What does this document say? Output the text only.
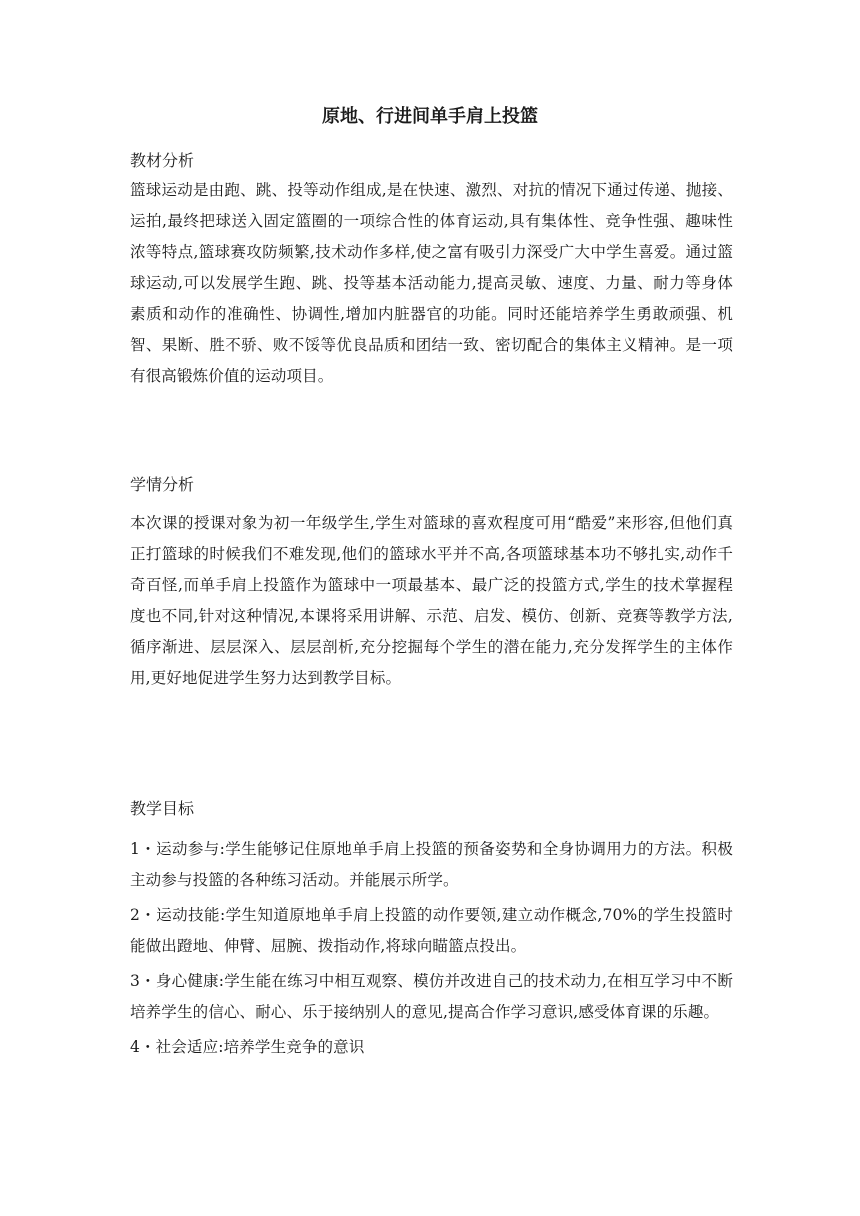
原地、行进间单手肩上投篮
教材分析

篮球运动是由跑、跳、投等动作组成,是在快速、激烈、对抗的情况下通过传递、抛接、运拍,最终把球送入固定篮圈的一项综合性的体育运动,具有集体性、竞争性强、趣味性浓等特点,篮球赛攻防频繁,技术动作多样,使之富有吸引力深受广大中学生喜爱。通过篮球运动,可以发展学生跑、跳、投等基本活动能力,提高灵敏、速度、力量、耐力等身体素质和动作的准确性、协调性,增加内脏器官的功能。同时还能培养学生勇敢顽强、机智、果断、胜不骄、败不馁等优良品质和团结一致、密切配合的集体主义精神。是一项有很高锻炼价值的运动项目。

学情分析

本次课的授课对象为初一年级学生,学生对篮球的喜欢程度可用“酷爱”来形容,但他们真正打篮球的时候我们不难发现,他们的篮球水平并不高,各项篮球基本功不够扎实,动作千奇百怪,而单手肩上投篮作为篮球中一项最基本、最广泛的投篮方式,学生的技术掌握程度也不同,针对这种情况,本课将采用讲解、示范、启发、模仿、创新、竞赛等教学方法,循序渐进、层层深入、层层剖析,充分挖掘每个学生的潜在能力,充分发挥学生的主体作用,更好地促进学生努力达到教学目标。

教学目标

1・运动参与:学生能够记住原地单手肩上投篮的预备姿势和全身协调用力的方法。积极主动参与投篮的各种练习活动。并能展示所学。

2・运动技能:学生知道原地单手肩上投篮的动作要领,建立动作概念,70%的学生投篮时能做出蹬地、伸臂、屈腕、拨指动作,将球向瞄篮点投出。

3・身心健康:学生能在练习中相互观察、模仿并改进自己的技术动力,在相互学习中不断培养学生的信心、耐心、乐于接纳别人的意见,提高合作学习意识,感受体育课的乐趣。

4・社会适应:培养学生竞争的意识
